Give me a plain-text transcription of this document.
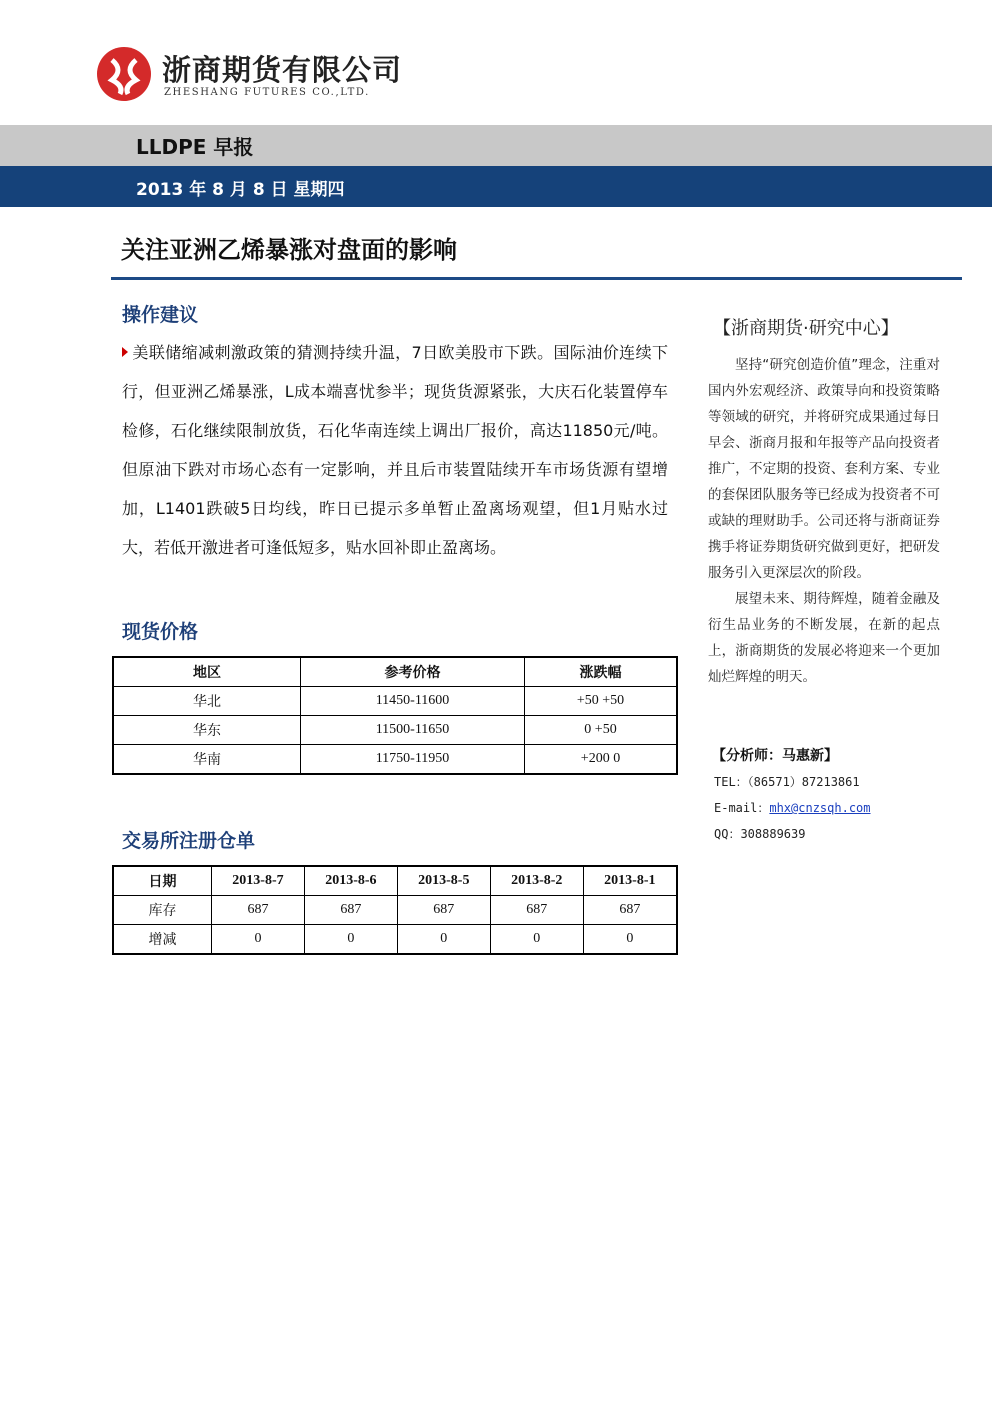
浙商期货有限公司
ZHESHANG FUTURES CO.,LTD.
LLDPE 早报
2013 年 8 月 8 日 星期四
关注亚洲乙烯暴涨对盘面的影响
操作建议
美联储缩减刺激政策的猜测持续升温，7日欧美股市下跌。国际油价连续下行，但亚洲乙烯暴涨，L成本端喜忧参半；现货货源紧张，大庆石化装置停车检修，石化继续限制放货，石化华南连续上调出厂报价，高达11850元/吨。但原油下跌对市场心态有一定影响，并且后市装置陆续开车市场货源有望增加，L1401跌破5日均线，昨日已提示多单暂止盈离场观望，但1月贴水过大，若低开激进者可逢低短多，贴水回补即止盈离场。
现货价格
地区	参考价格	涨跌幅
华北	11450-11600	+50 +50
华东	11500-11650	0 +50
华南	11750-11950	+200 0
交易所注册仓单
日期	2013-8-7	2013-8-6	2013-8-5	2013-8-2	2013-8-1
库存	687	687	687	687	687
增减	0	0	0	0	0
【浙商期货·研究中心】

坚持“研究创造价值”理念，注重对国内外宏观经济、政策导向和投资策略等领域的研究，并将研究成果通过每日早会、浙商月报和年报等产品向投资者推广，不定期的投资、套利方案、专业的套保团队服务等已经成为投资者不可或缺的理财助手。公司还将与浙商证券携手将证券期货研究做到更好，把研发服务引入更深层次的阶段。

展望未来、期待辉煌，随着金融及衍生品业务的不断发展，在新的起点上，浙商期货的发展必将迎来一个更加灿烂辉煌的明天。

【分析师：马惠新】
TEL：（86571）87213861
E-mail：mhx@cnzsqh.com
QQ：308889639
